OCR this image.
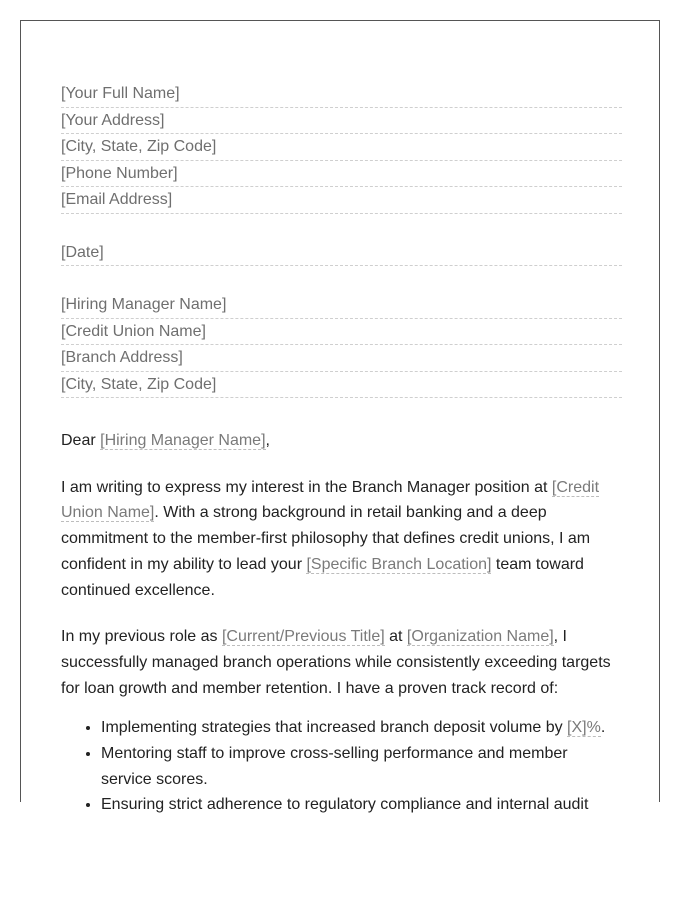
[Your Full Name]
[Your Address]
[City, State, Zip Code]
[Phone Number]
[Email Address]
[Date]
[Hiring Manager Name]
[Credit Union Name]
[Branch Address]
[City, State, Zip Code]

Dear [Hiring Manager Name],

I am writing to express my interest in the Branch Manager position at [Credit Union Name]. With a strong background in retail banking and a deep commitment to the member-first philosophy that defines credit unions, I am confident in my ability to lead your [Specific Branch Location] team toward continued excellence.

In my previous role as [Current/Previous Title] at [Organization Name], I successfully managed branch operations while consistently exceeding targets for loan growth and member retention. I have a proven track record of:

• Implementing strategies that increased branch deposit volume by [X]%.
• Mentoring staff to improve cross-selling performance and member service scores.
• Ensuring strict adherence to regulatory compliance and internal audit
